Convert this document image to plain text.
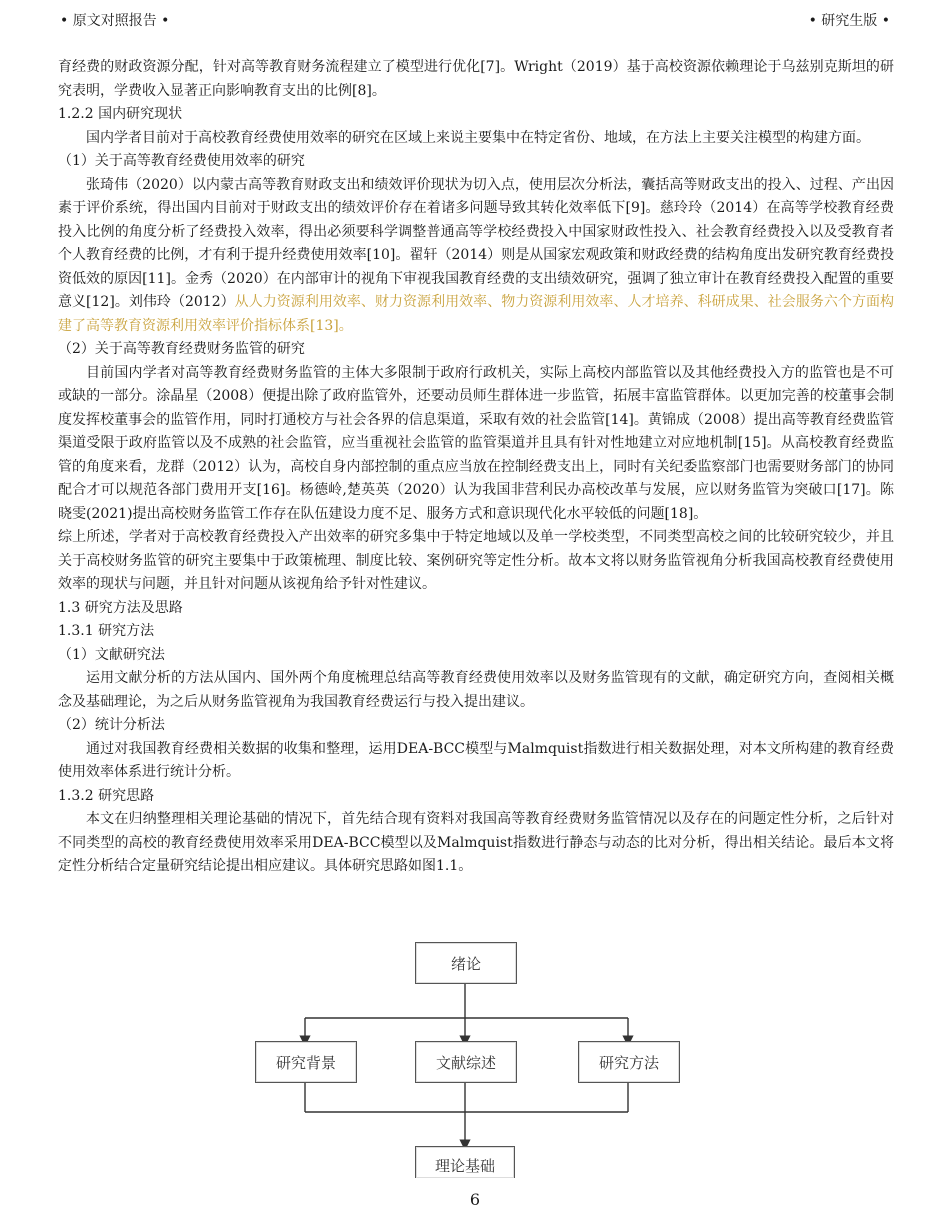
• 原文对照报告 •	• 研究生版 •

育经费的财政资源分配，针对高等教育财务流程建立了模型进行优化[7]。Wright（2019）基于高校资源依赖理论于乌兹别克斯坦的研究表明，学费收入显著正向影响教育支出的比例[8]。

1.2.2 国内研究现状

国内学者目前对于高校教育经费使用效率的研究在区域上来说主要集中在特定省份、地域，在方法上主要关注模型的构建方面。

（1）关于高等教育经费使用效率的研究

张琦伟（2020）以内蒙古高等教育财政支出和绩效评价现状为切入点，使用层次分析法，囊括高等财政支出的投入、过程、产出因素于评价系统，得出国内目前对于财政支出的绩效评价存在着诸多问题导致其转化效率低下[9]。慈玲玲（2014）在高等学校教育经费投入比例的角度分析了经费投入效率，得出必须要科学调整普通高等学校经费投入中国家财政性投入、社会教育经费投入以及受教育者个人教育经费的比例，才有利于提升经费使用效率[10]。翟轩（2014）则是从国家宏观政策和财政经费的结构角度出发研究教育经费投资低效的原因[11]。金秀（2020）在内部审计的视角下审视我国教育经费的支出绩效研究，强调了独立审计在教育经费投入配置的重要意义[12]。刘伟玲（2012）从人力资源利用效率、财力资源利用效率、物力资源利用效率、人才培养、科研成果、社会服务六个方面构建了高等教育资源利用效率评价指标体系[13]。

（2）关于高等教育经费财务监管的研究

目前国内学者对高等教育经费财务监管的主体大多限制于政府行政机关，实际上高校内部监管以及其他经费投入方的监管也是不可或缺的一部分。涂晶星（2008）便提出除了政府监管外，还要动员师生群体进一步监管，拓展丰富监管群体。以更加完善的校董事会制度发挥校董事会的监管作用，同时打通校方与社会各界的信息渠道，采取有效的社会监管[14]。黄锦成（2008）提出高等教育经费监管渠道受限于政府监管以及不成熟的社会监管，应当重视社会监管的监管渠道并且具有针对性地建立对应地机制[15]。从高校教育经费监管的角度来看，龙群（2012）认为，高校自身内部控制的重点应当放在控制经费支出上，同时有关纪委监察部门也需要财务部门的协同配合才可以规范各部门费用开支[16]。杨德岭,楚英英（2020）认为我国非营利民办高校改革与发展，应以财务监管为突破口[17]。陈晓雯(2021)提出高校财务监管工作存在队伍建设力度不足、服务方式和意识现代化水平较低的问题[18]。

综上所述，学者对于高校教育经费投入产出效率的研究多集中于特定地域以及单一学校类型，不同类型高校之间的比较研究较少，并且关于高校财务监管的研究主要集中于政策梳理、制度比较、案例研究等定性分析。故本文将以财务监管视角分析我国高校教育经费使用效率的现状与问题，并且针对问题从该视角给予针对性建议。

1.3 研究方法及思路

1.3.1 研究方法

（1）文献研究法

运用文献分析的方法从国内、国外两个角度梳理总结高等教育经费使用效率以及财务监管现有的文献，确定研究方向，查阅相关概念及基础理论，为之后从财务监管视角为我国教育经费运行与投入提出建议。

（2）统计分析法

通过对我国教育经费相关数据的收集和整理，运用DEA-BCC模型与Malmquist指数进行相关数据处理，对本文所构建的教育经费使用效率体系进行统计分析。

1.3.2 研究思路

本文在归纳整理相关理论基础的情况下，首先结合现有资料对我国高等教育经费财务监管情况以及存在的问题定性分析，之后针对不同类型的高校的教育经费使用效率采用DEA-BCC模型以及Malmquist指数进行静态与动态的比对分析，得出相关结论。最后本文将定性分析结合定量研究结论提出相应建议。具体研究思路如图1.1。

绪论
研究背景	文献综述	研究方法
理论基础
6
